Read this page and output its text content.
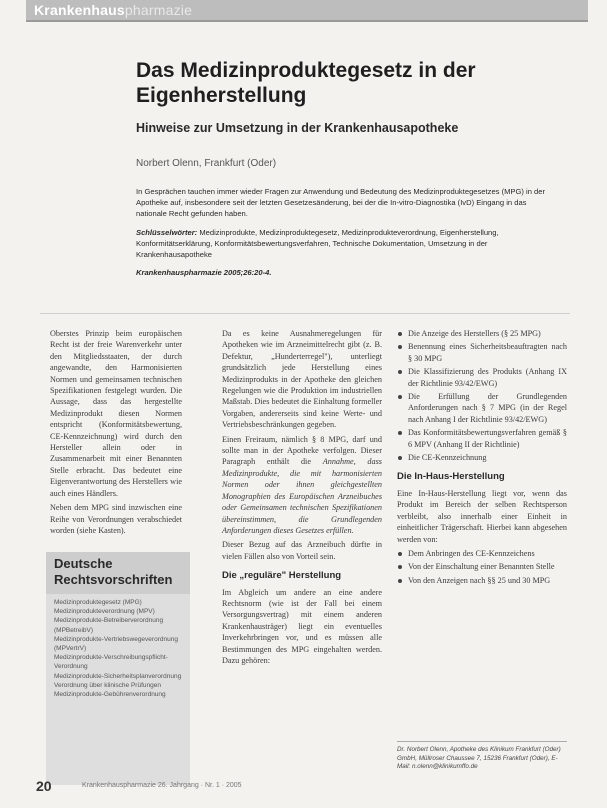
Krankenhauspharmazie
Das Medizinproduktegesetz in der Eigenherstellung
Hinweise zur Umsetzung in der Krankenhausapotheke
Norbert Olenn, Frankfurt (Oder)

In Gesprächen tauchen immer wieder Fragen zur Anwendung und Bedeutung des Medizinproduktegesetzes (MPG) in der Apotheke auf, insbesondere seit der letzten Gesetzesänderung, bei der die In-vitro-Diagnostika (IvD) Eingang in das nationale Recht gefunden haben.

Schlüsselwörter: Medizinprodukte, Medizinproduktegesetz, Medizinprodukteverordnung, Eigenherstellung, Konformitätserklärung, Konformitätsbewertungsverfahren, Technische Dokumentation, Umsetzung in der Krankenhausapotheke

Krankenhauspharmazie 2005;26:20-4.

Oberstes Prinzip beim europäischen Recht ist der freie Warenverkehr unter den Mitgliedsstaaten, der durch angewandte, den Harmonisierten Normen und gemeinsamen technischen Spezifikationen festgelegt wurden. Die Aussage, dass das hergestellte Medizinprodukt diesen Normen entspricht (Konformitätsbewertung, CE-Kennzeichnung) wird durch den Hersteller allein oder in Zusammenarbeit mit einer Benannten Stelle erbracht. Das bedeutet eine Eigenverantwortung des Herstellers wie auch eines Händlers.

Neben dem MPG sind inzwischen eine Reihe von Verordnungen verabschiedet worden (siehe Kasten).

Deutsche Rechtsvorschriften
Medizinproduktegesetz (MPG)
Medizinprodukteverordnung (MPV)
Medizinprodukte-Betreiberverordnung (MPBetreibV)
Medizinprodukte-Vertriebswegeverordnung (MPVertrV)
Medizinprodukte-Verschreibungspflicht-Verordnung
Medizinprodukte-Sicherheitsplanverordnung
Verordnung über klinische Prüfungen
Medizinprodukte-Gebührenverordnung

Da es keine Ausnahmeregelungen für Apotheken wie im Arzneimittelrecht gibt (z. B. Defektur, „Hunderterregel"), unterliegt grundsätzlich jede Herstellung eines Medizinprodukts in der Apotheke den gleichen Regelungen wie die Produktion im industriellen Maßstab. Dies bedeutet die Einhaltung formeller Vorgaben, andererseits sind keine Werte- und Vertriebsbeschränkungen gegeben.

Einen Freiraum, nämlich § 8 MPG, darf und sollte man in der Apotheke verfolgen. Dieser Paragraph enthält die Annahme, dass Medizinprodukte, die mit harmonisierten Normen oder ihnen gleichgestellten Monographien des Europäischen Arzneibuches oder Gemeinsamen technischen Spezifikationen übereinstimmen, die Grundlegenden Anforderungen dieses Gesetzes erfüllen.

Dieser Bezug auf das Arzneibuch dürfte in vielen Fällen also von Vorteil sein.

Die „reguläre" Herstellung

Im Abgleich um andere an eine andere Rechtsnorm (wie ist der Fall bei einem Versorgungsvertrag) mit einem anderen Krankenhausträger) liegt ein eventuelles Inverkehrbringen vor, und es müssen alle Bestimmungen des MPG eingehalten werden. Dazu gehören:

Die Anzeige des Herstellers (§ 25 MPG)
Benennung eines Sicherheitsbeauftragten nach § 30 MPG
Die Klassifizierung des Produkts (Anhang IX der Richtlinie 93/42/EWG)
Die Erfüllung der Grundlegenden Anforderungen nach § 7 MPG (in der Regel nach Anhang I der Richtlinie 93/42/EWG)
Das Konformitätsbewertungsverfahren gemäß § 6 MPV (Anhang II der Richtlinie)
Die CE-Kennzeichnung
Die In-Haus-Herstellung

Eine In-Haus-Herstellung liegt vor, wenn das Produkt im Bereich der selben Rechtsperson verbleibt, also innerhalb einer Einheit in einheitlicher Trägerschaft. Hierbei kann abgesehen werden von:

Dem Anbringen des CE-Kennzeichens
Von der Einschaltung einer Benannten Stelle
Von den Anzeigen nach §§ 25 und 30 MPG
Dr. Norbert Olenn, Apotheke des Klinikum Frankfurt (Oder) GmbH, Müllroser Chaussee 7, 15236 Frankfurt (Oder), E-Mail: n.olenn@klinikumffo.de
20	Krankenhauspharmazie 26. Jahrgang · Nr. 1 · 2005
